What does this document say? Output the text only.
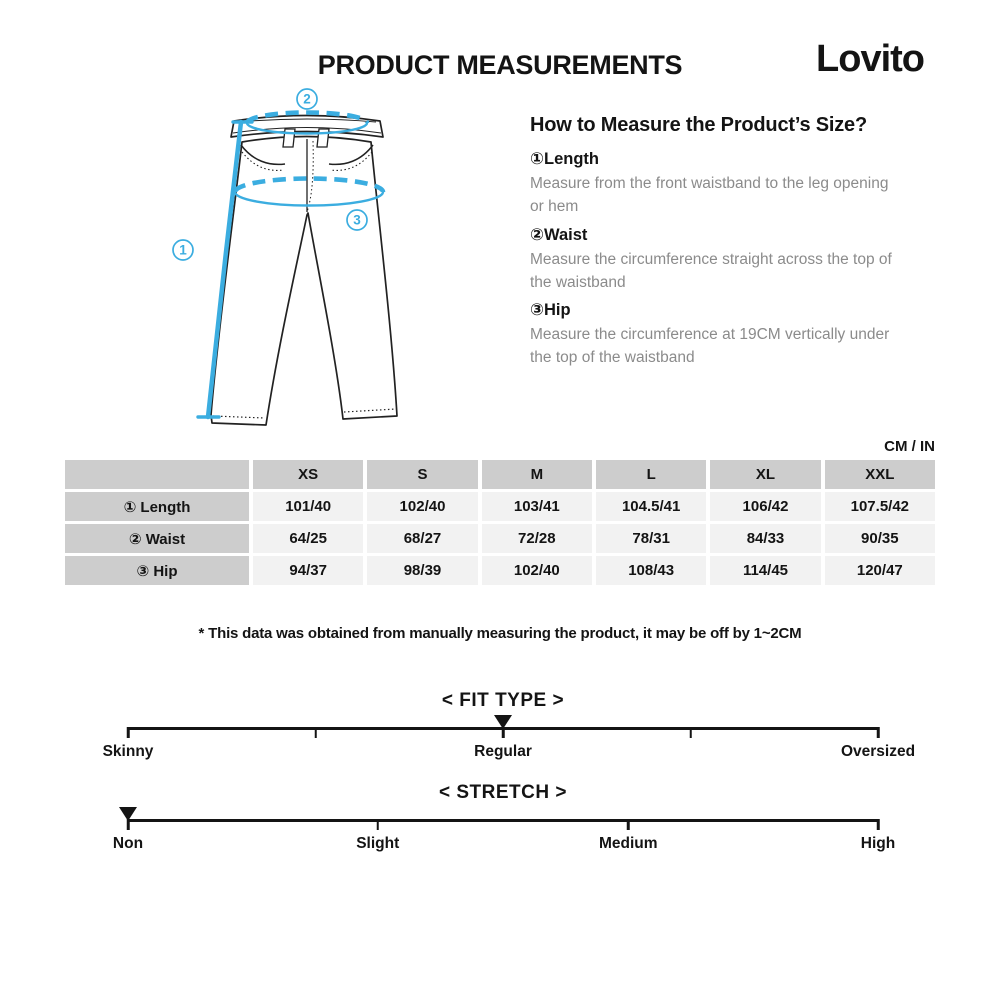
PRODUCT MEASUREMENTS	Lovito
2
1
3
How to Measure the Product’s Size?
①Length
Measure from the front waistband to the leg opening or hem
②Waist
Measure the circumference straight across the top of the waistband
③Hip
Measure the circumference at 19CM vertically under the top of the waistband
CM / IN
XS	S	M	L	XL	XXL
① Length	101/40	102/40	103/41	104.5/41	106/42	107.5/42
② Waist	64/25	68/27	72/28	78/31	84/33	90/35
③ Hip	94/37	98/39	102/40	108/43	114/45	120/47
* This data was obtained from manually measuring the product, it may be off by 1~2CM
< FIT TYPE >
Skinny	Regular	Oversized
< STRETCH >
Non	Slight	Medium	High
